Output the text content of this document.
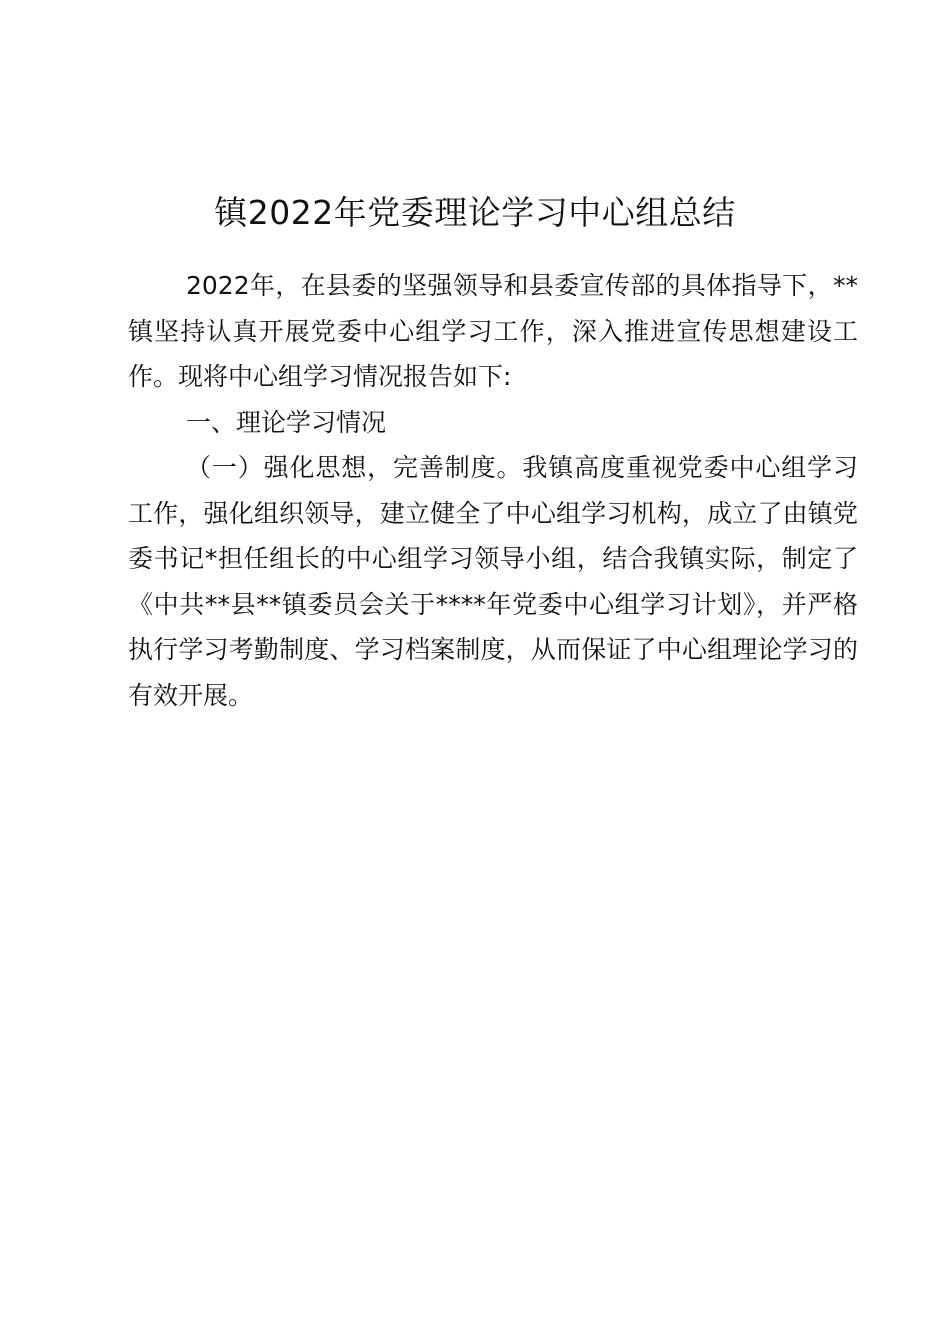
镇2022年党委理论学习中心组总结

2022年，在县委的坚强领导和县委宣传部的具体指导下，**镇坚持认真开展党委中心组学习工作，深入推进宣传思想建设工作。现将中心组学习情况报告如下:

一、理论学习情况

（一）强化思想，完善制度。我镇高度重视党委中心组学习工作，强化组织领导，建立健全了中心组学习机构，成立了由镇党委书记*担任组长的中心组学习领导小组，结合我镇实际，制定了《中共**县**镇委员会关于****年党委中心组学习计划》，并严格执行学习考勤制度、学习档案制度，从而保证了中心组理论学习的有效开展。
